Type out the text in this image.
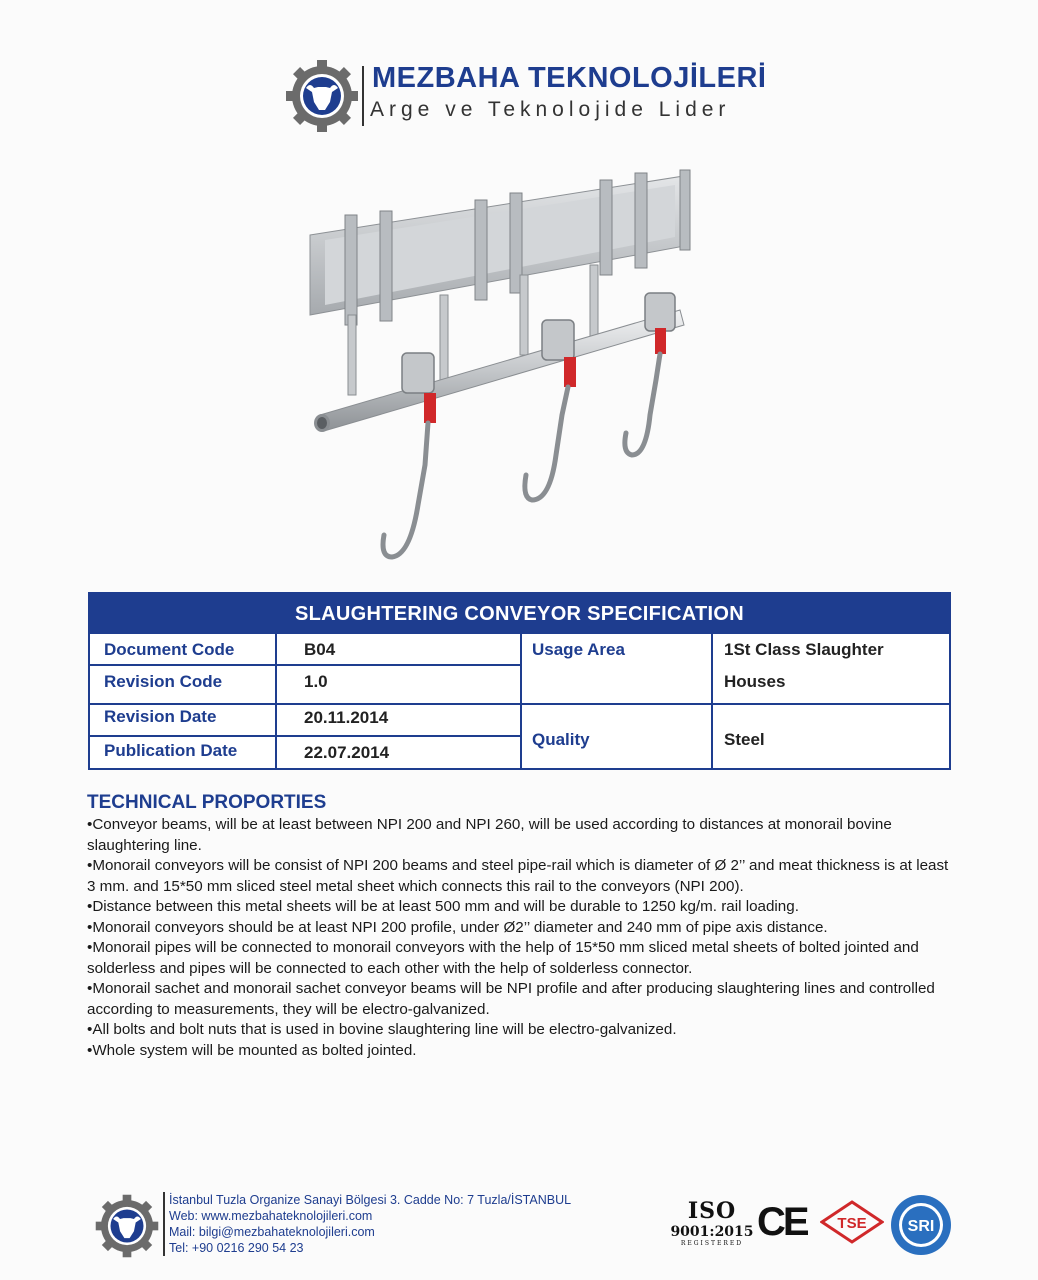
MEZBAHA TEKNOLOJİLERİ
Arge ve Teknolojide Lider
SLAUGHTERING CONVEYOR SPECIFICATION
Document Code	B04
Revision Code	1.0
Revision Date	20.11.2014
Publication Date	22.07.2014
Usage Area	1St Class Slaughter
Houses
Quality	Steel
TECHNICAL PROPORTIES

•Conveyor beams, will be at least between NPI 200 and NPI 260, will be used according to distances at monorail bovine slaughtering line.

•Monorail conveyors will be consist of NPI 200 beams and steel pipe-rail which is diameter of Ø 2’’ and meat thickness is at least 3 mm. and 15*50 mm sliced steel metal sheet which connects this rail to the conveyors (NPI 200).

•Distance between this metal sheets will be at least 500 mm and will be durable to 1250 kg/m. rail loading.

•Monorail conveyors should be at least NPI 200 profile, under Ø2’’ diameter and 240 mm of pipe axis distance.

•Monorail pipes will be connected to monorail conveyors with the help of 15*50 mm sliced metal sheets of bolted jointed and solderless and pipes will be connected to each other with the help of solderless connector.

•Monorail sachet and monorail sachet conveyor beams will be NPI profile and after producing slaughtering lines and controlled according to measurements, they will be electro-galvanized.

•All bolts and bolt nuts that is used in bovine slaughtering line will be electro-galvanized.

•Whole system will be mounted as bolted jointed.

İstanbul Tuzla Organize Sanayi Bölgesi 3. Cadde No: 7 Tuzla/İSTANBUL
Web: www.mezbahateknolojileri.com
Mail: bilgi@mezbahateknolojileri.com
Tel: +90 0216 290 54 23
ISO
9001:2015
REGISTERED CE TSE	SRI
